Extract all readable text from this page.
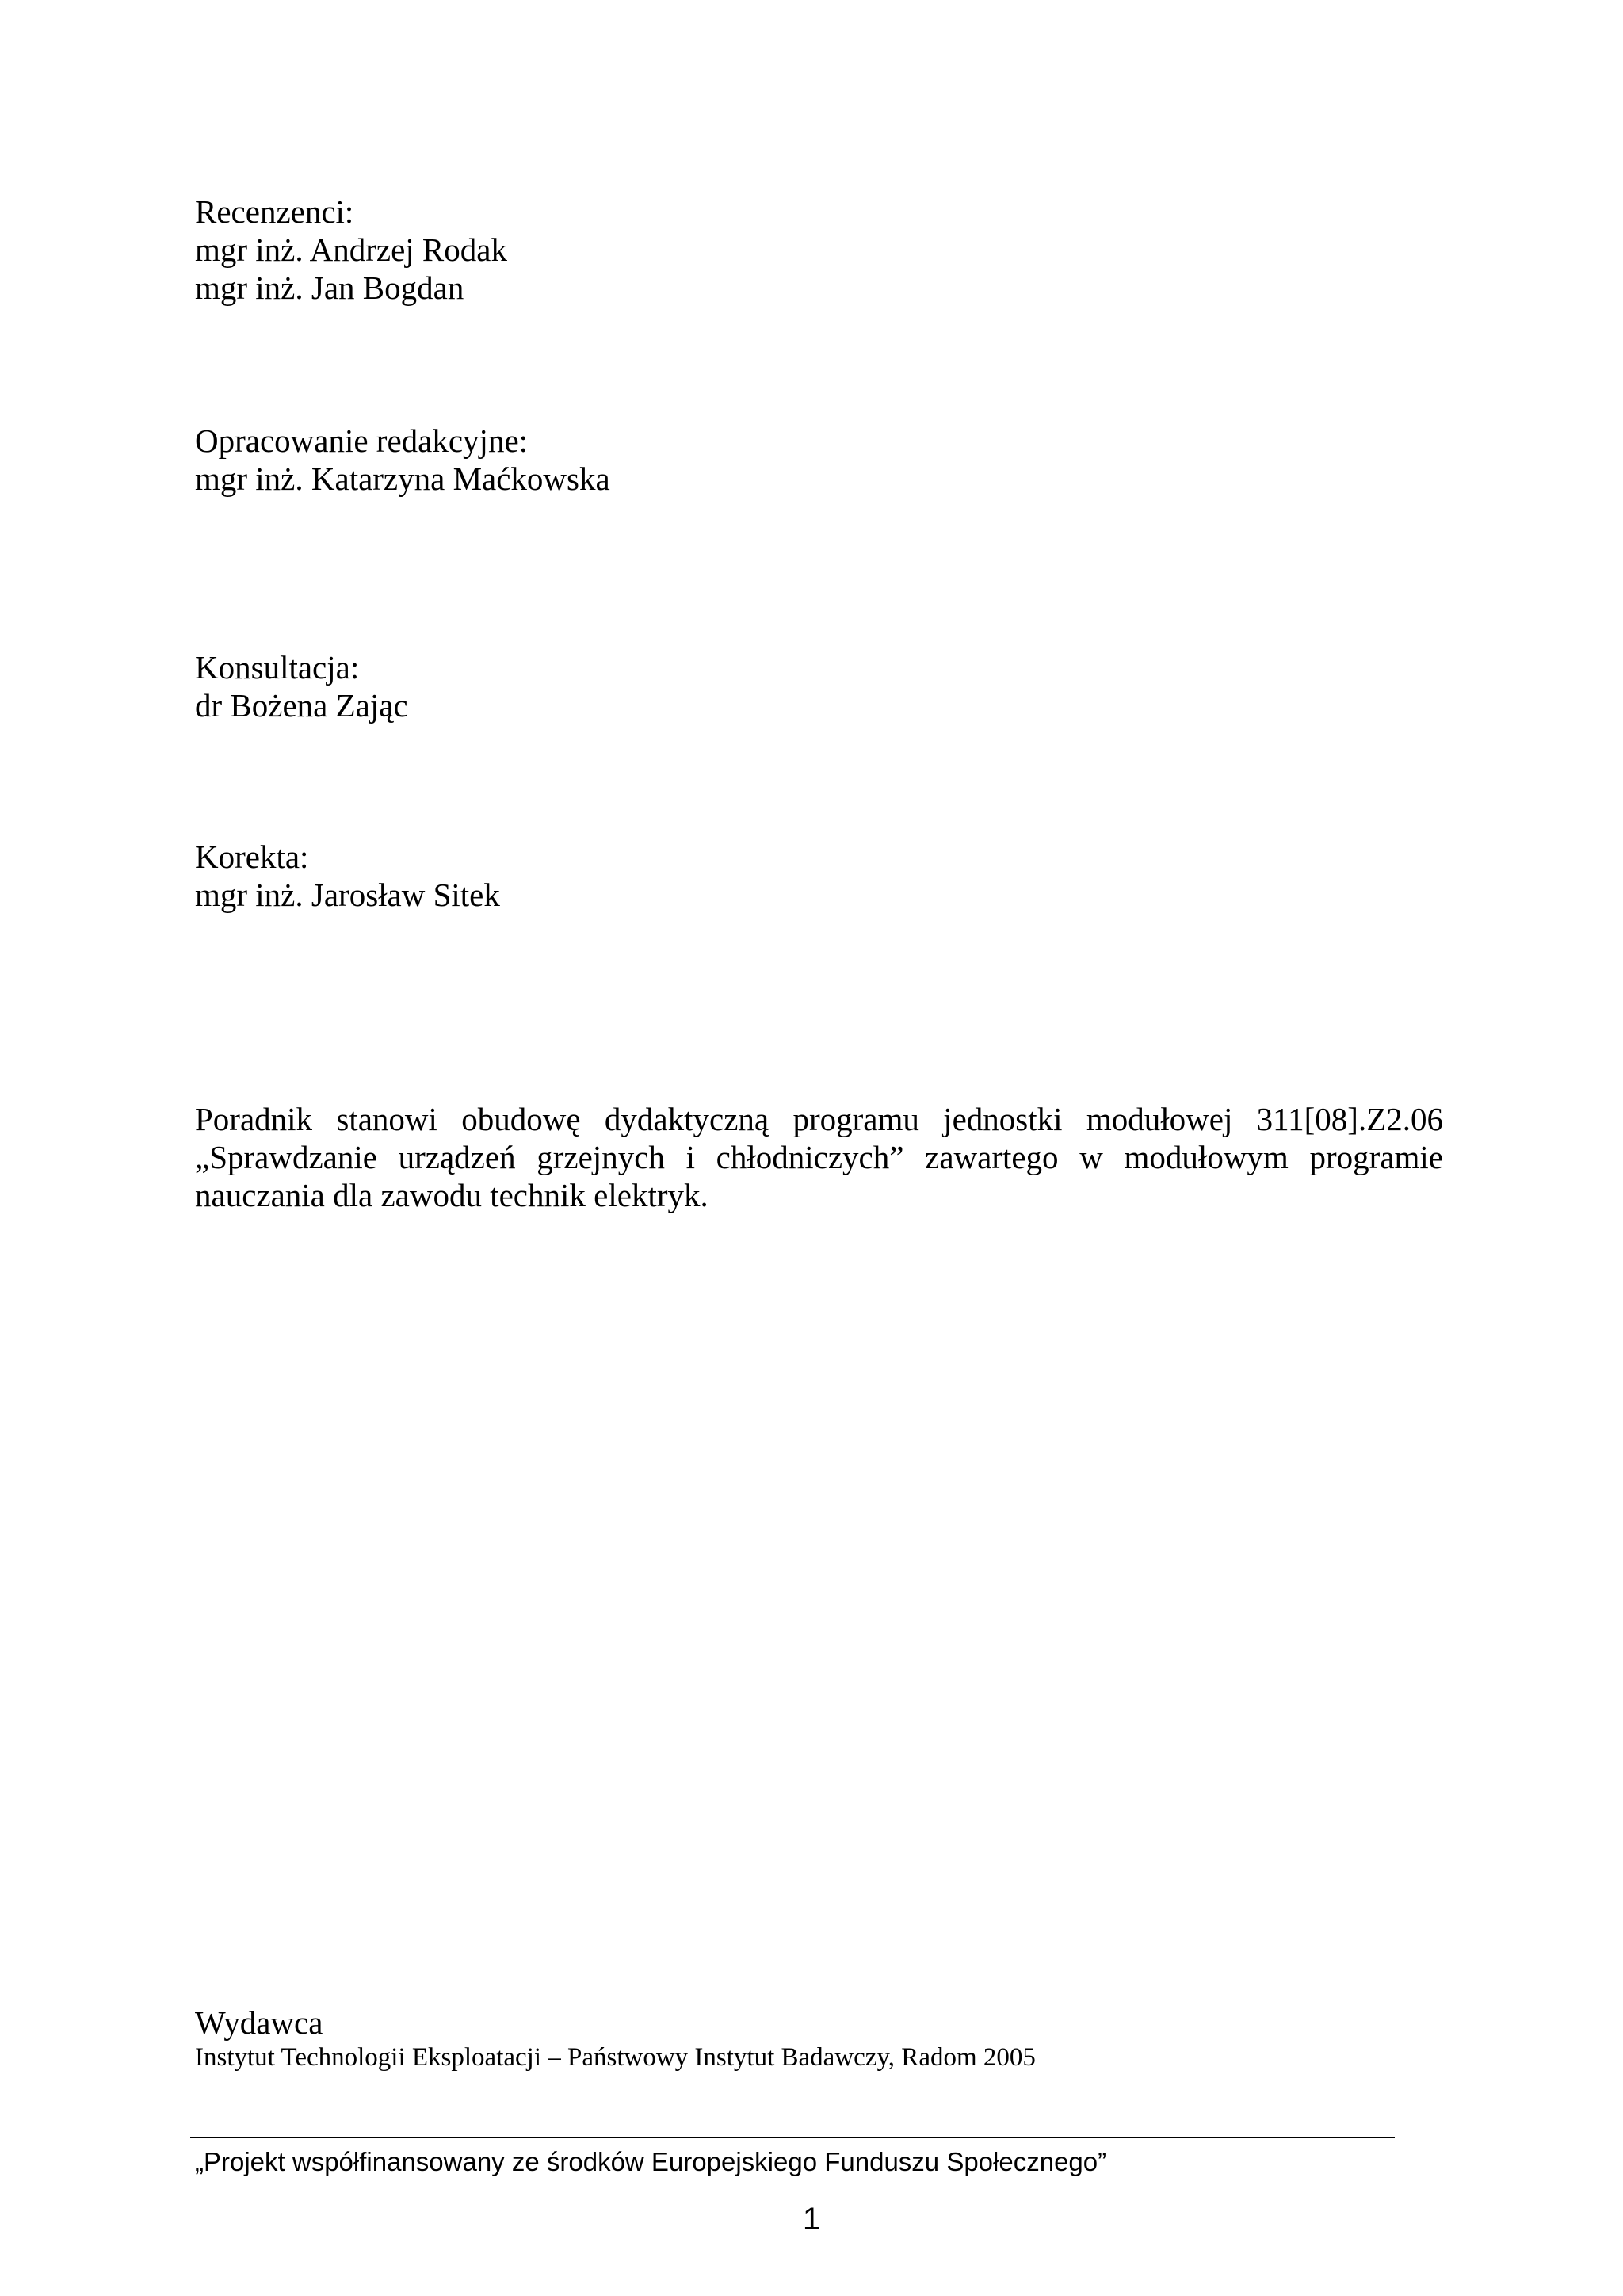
Recenzenci:
mgr inż. Andrzej Rodak
mgr inż. Jan Bogdan
Opracowanie redakcyjne:
mgr inż. Katarzyna Maćkowska
Konsultacja:
dr Bożena Zając
Korekta:
mgr inż. Jarosław Sitek
Poradnik stanowi obudowę dydaktyczną programu jednostki modułowej 311[08].Z2.06 „Sprawdzanie urządzeń grzejnych i chłodniczych” zawartego w modułowym programie nauczania dla zawodu technik elektryk.
Wydawca
Instytut Technologii Eksploatacji – Państwowy Instytut Badawczy, Radom 2005
„Projekt współfinansowany ze środków Europejskiego Funduszu Społecznego”
1
